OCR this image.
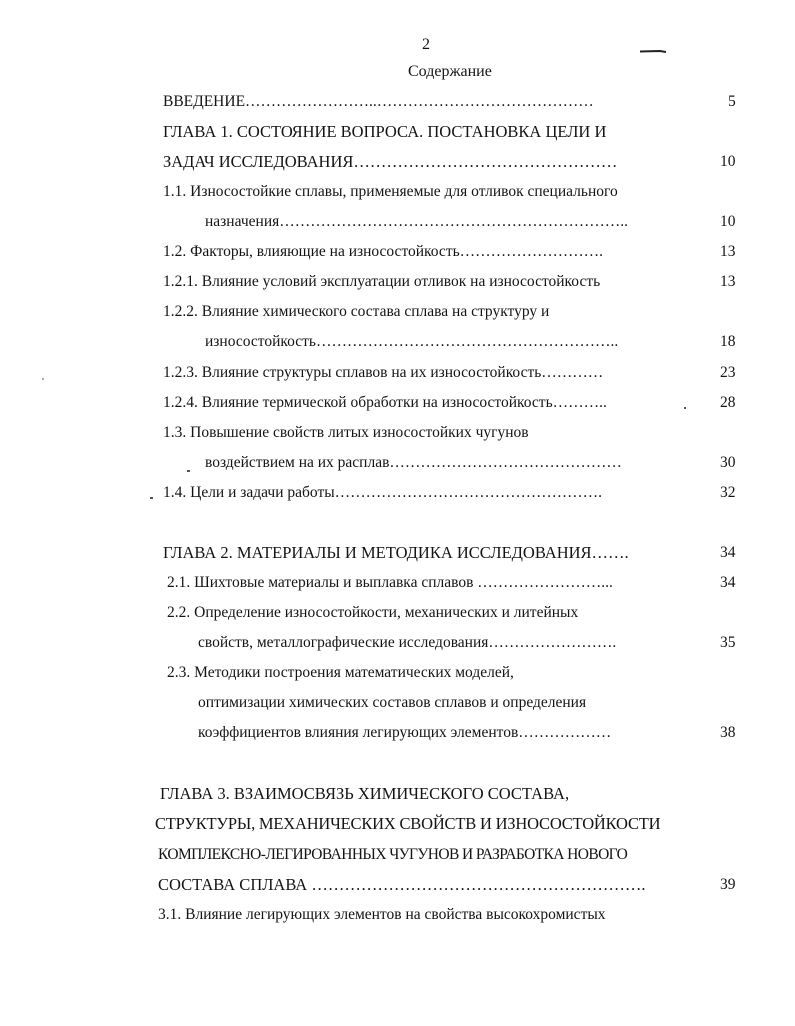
2
Содержание
ВВЕДЕНИЕ……………………..……………………………………	5
ГЛАВА 1. СОСТОЯНИЕ ВОПРОСА. ПОСТАНОВКА ЦЕЛИ И
ЗАДАЧ ИССЛЕДОВАНИЯ…………………………………………	10
1.1. Износостойкие сплавы, применяемые для отливок специального
назначения…………………………………………………………..	10
1.2. Факторы, влияющие на износостойкость……………………….	13
1.2.1. Влияние условий эксплуатации отливок на износостойкость	13
1.2.2. Влияние химического состава сплава на структуру и
износостойкость…………………………………………………..	18
1.2.3. Влияние структуры сплавов на их износостойкость…………	23
1.2.4. Влияние термической обработки на износостойкость………..	28
1.3. Повышение свойств литых износостойких чугунов
воздействием на их расплав………………………………………	30
1.4. Цели и задачи работы…………………………………………….	32
ГЛАВА 2. МАТЕРИАЛЫ И МЕТОДИКА ИССЛЕДОВАНИЯ…….	34
2.1. Шихтовые материалы и выплавка сплавов ……………………...	34
2.2. Определение износостойкости, механических и литейных
свойств, металлографические исследования…………………….	35
2.3. Методики построения математических моделей,
оптимизации химических составов сплавов и определения
коэффициентов влияния легирующих элементов………………	38
ГЛАВА 3. ВЗАИМОСВЯЗЬ ХИМИЧЕСКОГО СОСТАВА,
СТРУКТУРЫ, МЕХАНИЧЕСКИХ СВОЙСТВ И ИЗНОСОСТОЙКОСТИ
КОМПЛЕКСНО-ЛЕГИРОВАННЫХ ЧУГУНОВ И РАЗРАБОТКА НОВОГО
СОСТАВА СПЛАВА …………………………………………………….	39
3.1. Влияние легирующих элементов на свойства высокохромистых
